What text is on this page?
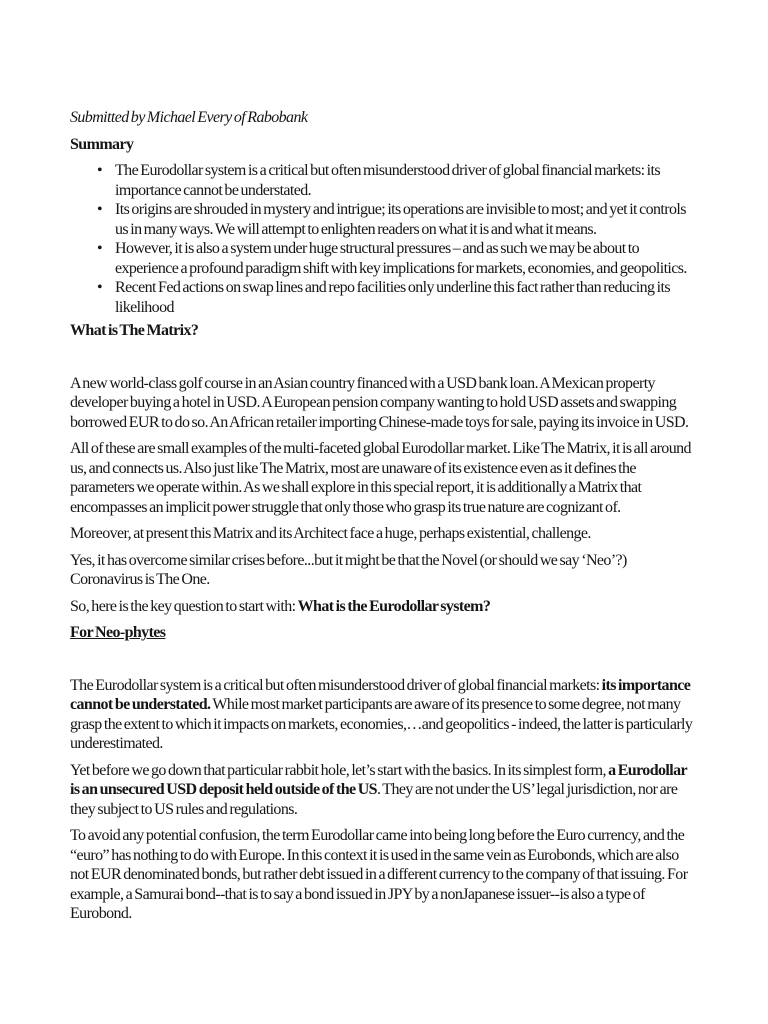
Submitted by Michael Every of Rabobank

Summary
• The Eurodollar system is a critical but often misunderstood driver of global financial markets: its importance cannot be understated.
• Its origins are shrouded in mystery and intrigue; its operations are invisible to most; and yet it controls us in many ways. We will attempt to enlighten readers on what it is and what it means.
• However, it is also a system under huge structural pressures – and as such we may be about to experience a profound paradigm shift with key implications for markets, economies, and geopolitics.
• Recent Fed actions on swap lines and repo facilities only underline this fact rather than reducing its likelihood
What is The Matrix?

A new world-class golf course in an Asian country financed with a USD bank loan. A Mexican property developer buying a hotel in USD. A European pension company wanting to hold USD assets and swapping borrowed EUR to do so. An African retailer importing Chinese-made toys for sale, paying its invoice in USD.

All of these are small examples of the multi-faceted global Eurodollar market. Like The Matrix, it is all around us, and connects us. Also just like The Matrix, most are unaware of its existence even as it defines the parameters we operate within. As we shall explore in this special report, it is additionally a Matrix that encompasses an implicit power struggle that only those who grasp its true nature are cognizant of.

Moreover, at present this Matrix and its Architect face a huge, perhaps existential, challenge.

Yes, it has overcome similar crises before...but it might be that the Novel (or should we say ‘Neo’?) Coronavirus is The One.

So, here is the key question to start with: What is the Eurodollar system?

For Neo-phytes

The Eurodollar system is a critical but often misunderstood driver of global financial markets: its importance cannot be understated. While most market participants are aware of its presence to some degree, not many grasp the extent to which it impacts on markets, economies,…and geopolitics - indeed, the latter is particularly underestimated.

Yet before we go down that particular rabbit hole, let’s start with the basics. In its simplest form, a Eurodollar is an unsecured USD deposit held outside of the US. They are not under the US’ legal jurisdiction, nor are they subject to US rules and regulations.

To avoid any potential confusion, the term Eurodollar came into being long before the Euro currency, and the “euro” has nothing to do with Europe. In this context it is used in the same vein as Eurobonds, which are also not EUR denominated bonds, but rather debt issued in a different currency to the company of that issuing. For example, a Samurai bond--that is to say a bond issued in JPY by a nonJapanese issuer--is also a type of Eurobond.
